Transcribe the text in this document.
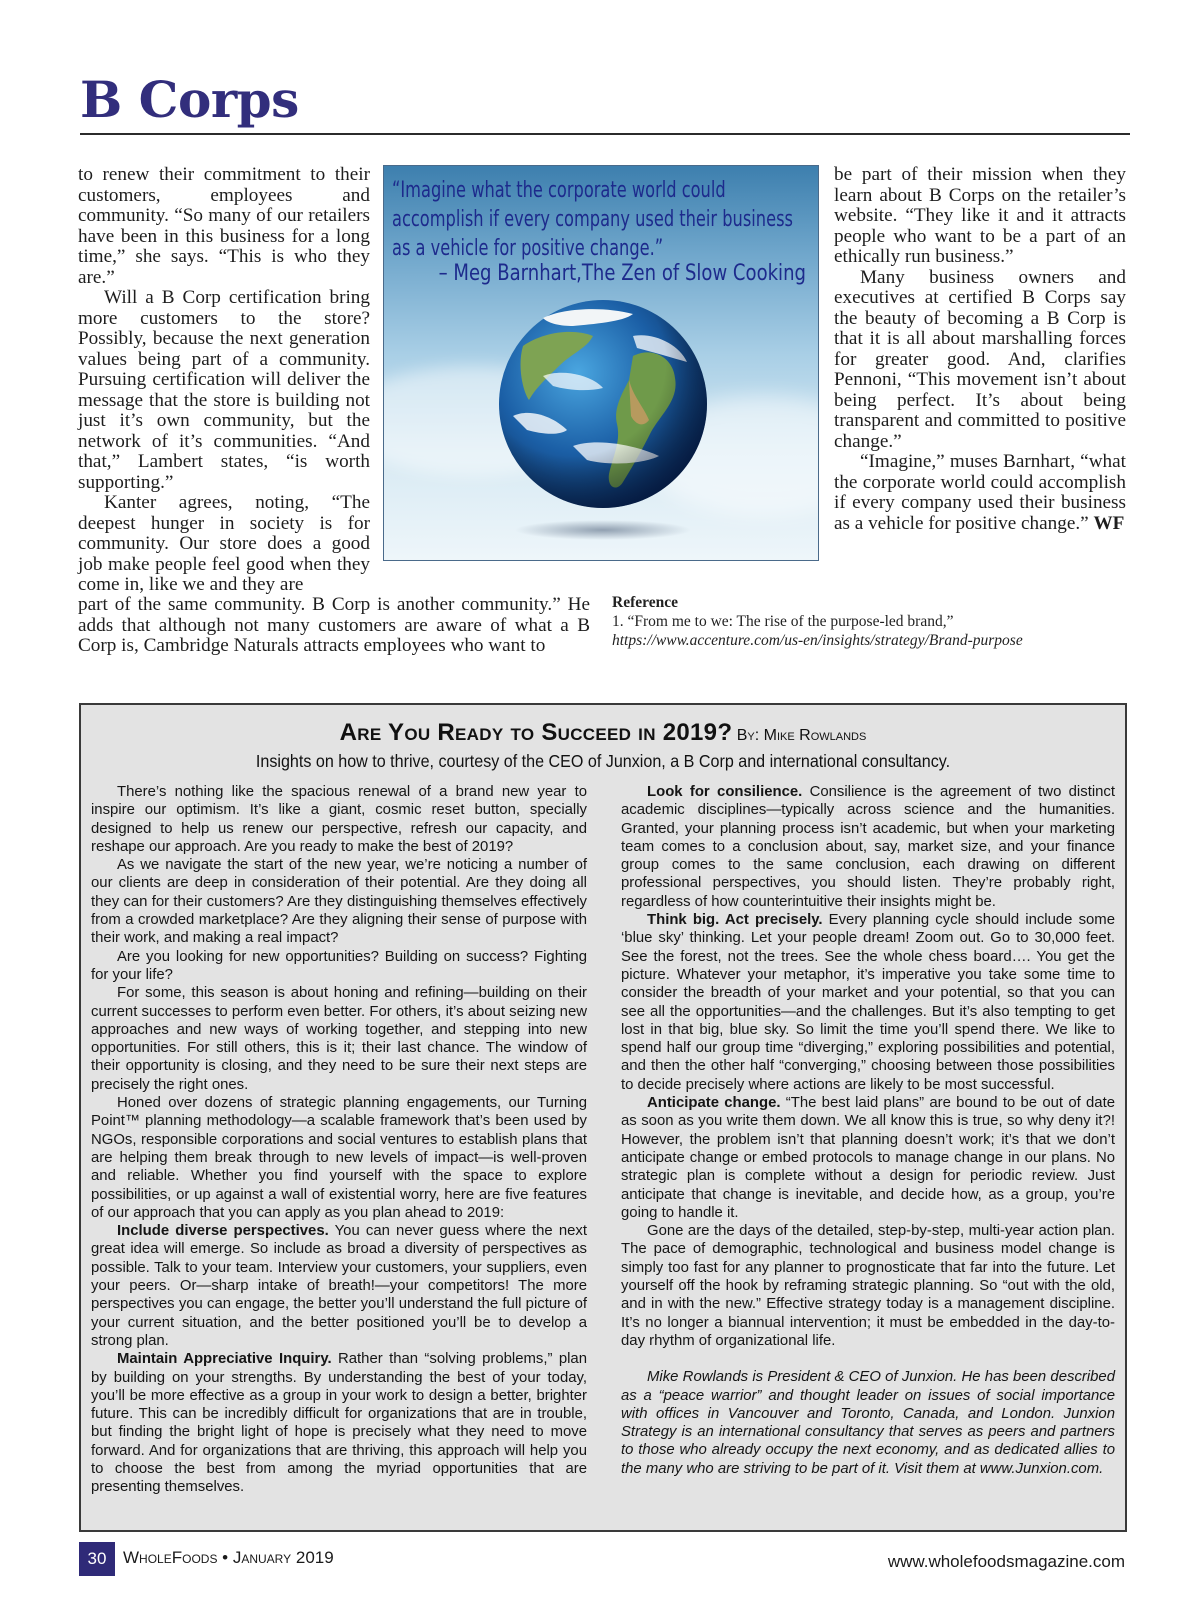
B Corps

to renew their commitment to their customers, employees and community. “So many of our retailers have been in this business for a long time,” she says. “This is who they are.”

Will a B Corp certification bring more customers to the store? Possibly, because the next generation values being part of a community. Pursuing certification will deliver the message that the store is building not just it’s own community, but the network of it’s communities. “And that,” Lambert states, “is worth supporting.”

Kanter agrees, noting, “The deepest hunger in society is for community. Our store does a good job make people feel good when they come in, like we and they are

part of the same community. B Corp is another community.” He adds that although not many customers are aware of what a B Corp is, Cambridge Naturals attracts employees who want to

“Imagine what the corporate world could accomplish if every company used their business as a vehicle for positive change.”
– Meg Barnhart,The Zen of Slow Cooking

be part of their mission when they learn about B Corps on the retailer’s website. “They like it and it attracts people who want to be a part of an ethically run business.”

Many business owners and executives at certified B Corps say the beauty of becoming a B Corp is that it is all about marshalling forces for greater good. And, clarifies Pennoni, “This movement isn’t about being perfect. It’s about being transparent and committed to positive change.”

“Imagine,” muses Barnhart, “what the corporate world could accomplish if every company used their business as a vehicle for positive change.” WF

Reference
1. “From me to we: The rise of the purpose-led brand,” https://www.accenture.com/us-en/insights/strategy/Brand-purpose
Are You Ready to Succeed in 2019? By: Mike Rowlands
Insights on how to thrive, courtesy of the CEO of Junxion, a B Corp and international consultancy.

There’s nothing like the spacious renewal of a brand new year to inspire our optimism. It’s like a giant, cosmic reset button, specially designed to help us renew our perspective, refresh our capacity, and reshape our approach. Are you ready to make the best of 2019?

As we navigate the start of the new year, we’re noticing a number of our clients are deep in consideration of their potential. Are they doing all they can for their customers? Are they distinguishing themselves effectively from a crowded marketplace? Are they aligning their sense of purpose with their work, and making a real impact?

Are you looking for new opportunities? Building on success? Fighting for your life?

For some, this season is about honing and refining—building on their current successes to perform even better. For others, it’s about seizing new approaches and new ways of working together, and stepping into new opportunities. For still others, this is it; their last chance. The window of their opportunity is closing, and they need to be sure their next steps are precisely the right ones.

Honed over dozens of strategic planning engagements, our Turning Point™ planning methodology—a scalable framework that’s been used by NGOs, responsible corporations and social ventures to establish plans that are helping them break through to new levels of impact—is well-proven and reliable. Whether you find yourself with the space to explore possibilities, or up against a wall of existential worry, here are five features of our approach that you can apply as you plan ahead to 2019:

Include diverse perspectives. You can never guess where the next great idea will emerge. So include as broad a diversity of perspectives as possible. Talk to your team. Interview your customers, your suppliers, even your peers. Or—sharp intake of breath!—your competitors! The more perspectives you can engage, the better you’ll understand the full picture of your current situation, and the better positioned you’ll be to develop a strong plan.

Maintain Appreciative Inquiry. Rather than “solving problems,” plan by building on your strengths. By understanding the best of your today, you’ll be more effective as a group in your work to design a better, brighter future. This can be incredibly difficult for organizations that are in trouble, but finding the bright light of hope is precisely what they need to move forward. And for organizations that are thriving, this approach will help you to choose the best from among the myriad opportunities that are presenting themselves.

Look for consilience. Consilience is the agreement of two distinct academic disciplines—typically across science and the humanities. Granted, your planning process isn’t academic, but when your marketing team comes to a conclusion about, say, market size, and your finance group comes to the same conclusion, each drawing on different professional perspectives, you should listen. They’re probably right, regardless of how counterintuitive their insights might be.

Think big. Act precisely. Every planning cycle should include some ‘blue sky’ thinking. Let your people dream! Zoom out. Go to 30,000 feet. See the forest, not the trees. See the whole chess board…. You get the picture. Whatever your metaphor, it’s imperative you take some time to consider the breadth of your market and your potential, so that you can see all the opportunities—and the challenges. But it’s also tempting to get lost in that big, blue sky. So limit the time you’ll spend there. We like to spend half our group time “diverging,” exploring possibilities and potential, and then the other half “converging,” choosing between those possibilities to decide precisely where actions are likely to be most successful.

Anticipate change. “The best laid plans” are bound to be out of date as soon as you write them down. We all know this is true, so why deny it?! However, the problem isn’t that planning doesn’t work; it’s that we don’t anticipate change or embed protocols to manage change in our plans. No strategic plan is complete without a design for periodic review. Just anticipate that change is inevitable, and decide how, as a group, you’re going to handle it.

Gone are the days of the detailed, step-by-step, multi-year action plan. The pace of demographic, technological and business model change is simply too fast for any planner to prognosticate that far into the future. Let yourself off the hook by reframing strategic planning. So “out with the old, and in with the new.” Effective strategy today is a management discipline. It’s no longer a biannual intervention; it must be embedded in the day-to-day rhythm of organizational life.

Mike Rowlands is President & CEO of Junxion. He has been described as a “peace warrior” and thought leader on issues of social importance with offices in Vancouver and Toronto, Canada, and London. Junxion Strategy is an international consultancy that serves as peers and partners to those who already occupy the next economy, and as dedicated allies to the many who are striving to be part of it. Visit them at www.Junxion.com.

30 WholeFoods • January 2019	www.wholefoodsmagazine.com
